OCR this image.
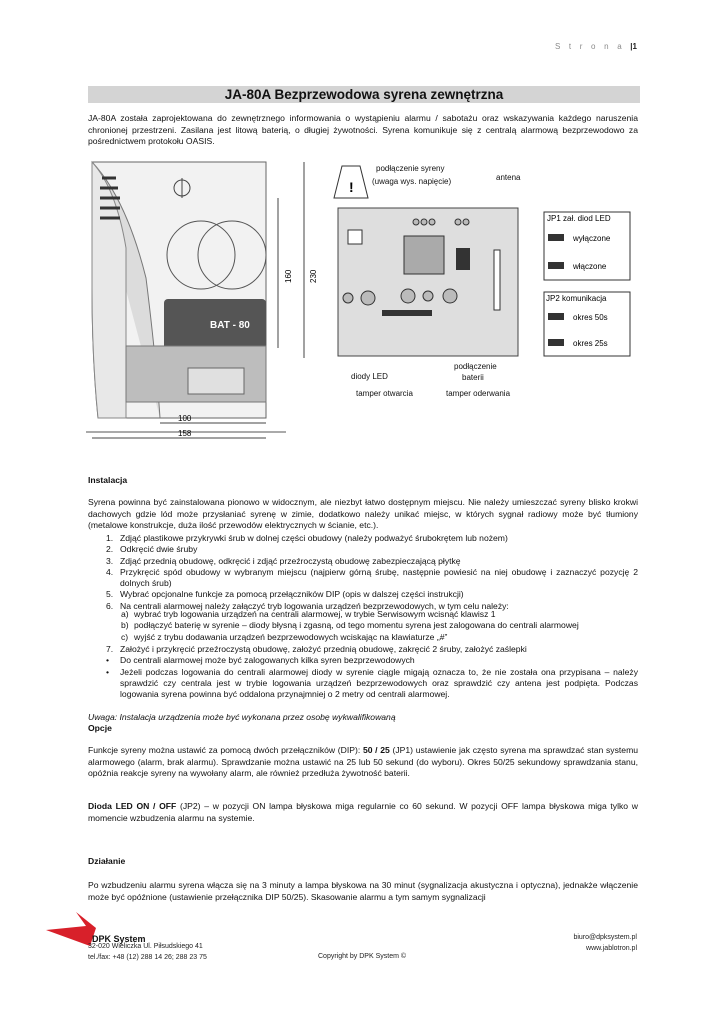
S t r o n a |1
JA-80A Bezprzewodowa syrena zewnętrzna
JA-80A została zaprojektowana do zewnętrznego informowania o wystąpieniu alarmu / sabotażu oraz wskazywania każdego naruszenia chronionej przestrzeni. Zasilana jest litową baterią, o długiej żywotności. Syrena komunikuje się z centralą alarmową bezprzewodowo za pośrednictwem protokołu OASIS.
BAT - 80
160 230
100
158
!
podłączenie syreny
(uwaga wys. napięcie)	antena
diody LED
podłączenie
baterii
tamper otwarcia	tamper oderwania
JP1 zał. diod LED
wyłączone
włączone
JP2 komunikacja
okres 50s
okres 25s
Instalacja
Syrena powinna być zainstalowana pionowo w widocznym, ale niezbyt łatwo dostępnym miejscu. Nie należy umieszczać syreny blisko krokwi dachowych gdzie lód może przysłaniać syrenę w zimie, dodatkowo należy unikać miejsc, w których sygnał radiowy może być tłumiony (metalowe konstrukcje, duża ilość przewodów elektrycznych w ścianie, etc.).
1. Zdjąć plastikowe przykrywki śrub w dolnej części obudowy (należy podważyć śrubokrętem lub nożem)
2. Odkręcić dwie śruby
3. Zdjąć przednią obudowę, odkręcić i zdjąć przeźroczystą obudowę zabezpieczającą płytkę
4. Przykręcić spód obudowy w wybranym miejscu (najpierw górną śrubę, następnie powiesić na niej obudowę i zaznaczyć pozycję 2 dolnych śrub)
5. Wybrać opcjonalne funkcje za pomocą przełączników DIP (opis w dalszej części instrukcji)
6. Na centrali alarmowej należy załączyć tryb logowania urządzeń bezprzewodowych, w tym celu należy:
a) wybrać tryb logowania urządzeń na centrali alarmowej, w trybie Serwisowym wcisnąć klawisz 1
b) podłączyć baterię w syrenie – diody błysną i zgasną, od tego momentu syrena jest zalogowana do centrali alarmowej
c) wyjść z trybu dodawania urządzeń bezprzewodowych wciskając na klawiaturze „#”
7. Założyć i przykręcić przeźroczystą obudowę, założyć przednią obudowę, zakręcić 2 śruby, założyć zaślepki
•	Do centrali alarmowej może być zalogowanych kilka syren bezprzewodowych
•	Jeżeli podczas logowania do centrali alarmowej diody w syrenie ciągle migają oznacza to, że nie została ona przypisana – należy sprawdzić czy centrala jest w trybie logowania urządzeń bezprzewodowych oraz sprawdzić czy antena jest podpięta. Podczas logowania syrena powinna być oddalona przynajmniej o 2 metry od centrali alarmowej.
Uwaga: Instalacja urządzenia może być wykonana przez osobę wykwalifikowaną
Opcje
Funkcje syreny można ustawić za pomocą dwóch przełączników (DIP): 50 / 25 (JP1) ustawienie jak często syrena ma sprawdzać stan systemu alarmowego (alarm, brak alarmu). Sprawdzanie można ustawić na 25 lub 50 sekund (do wyboru). Okres 50/25 sekundowy sprawdzania stanu, opóźnia reakcje syreny na wywołany alarm, ale również przedłuża żywotność baterii.
Dioda LED ON / OFF (JP2) – w pozycji ON lampa błyskowa miga regularnie co 60 sekund. W pozycji OFF lampa błyskowa miga tylko w momencie wzbudzenia alarmu na systemie.
Działanie
Po wzbudzeniu alarmu syrena włącza się na 3 minuty a lampa błyskowa na 30 minut (sygnalizacja akustyczna i optyczna), jednakże włączenie może być opóźnione (ustawienie przełącznika DIP 50/25). Skasowanie alarmu a tym samym sygnalizacji
DPK System
32-020 Wieliczka Ul. Piłsudskiego 41
tel./fax: +48 (12) 288 14 26; 288 23 75	Copyright by DPK System ©
biuro@dpksystem.pl
www.jablotron.pl
